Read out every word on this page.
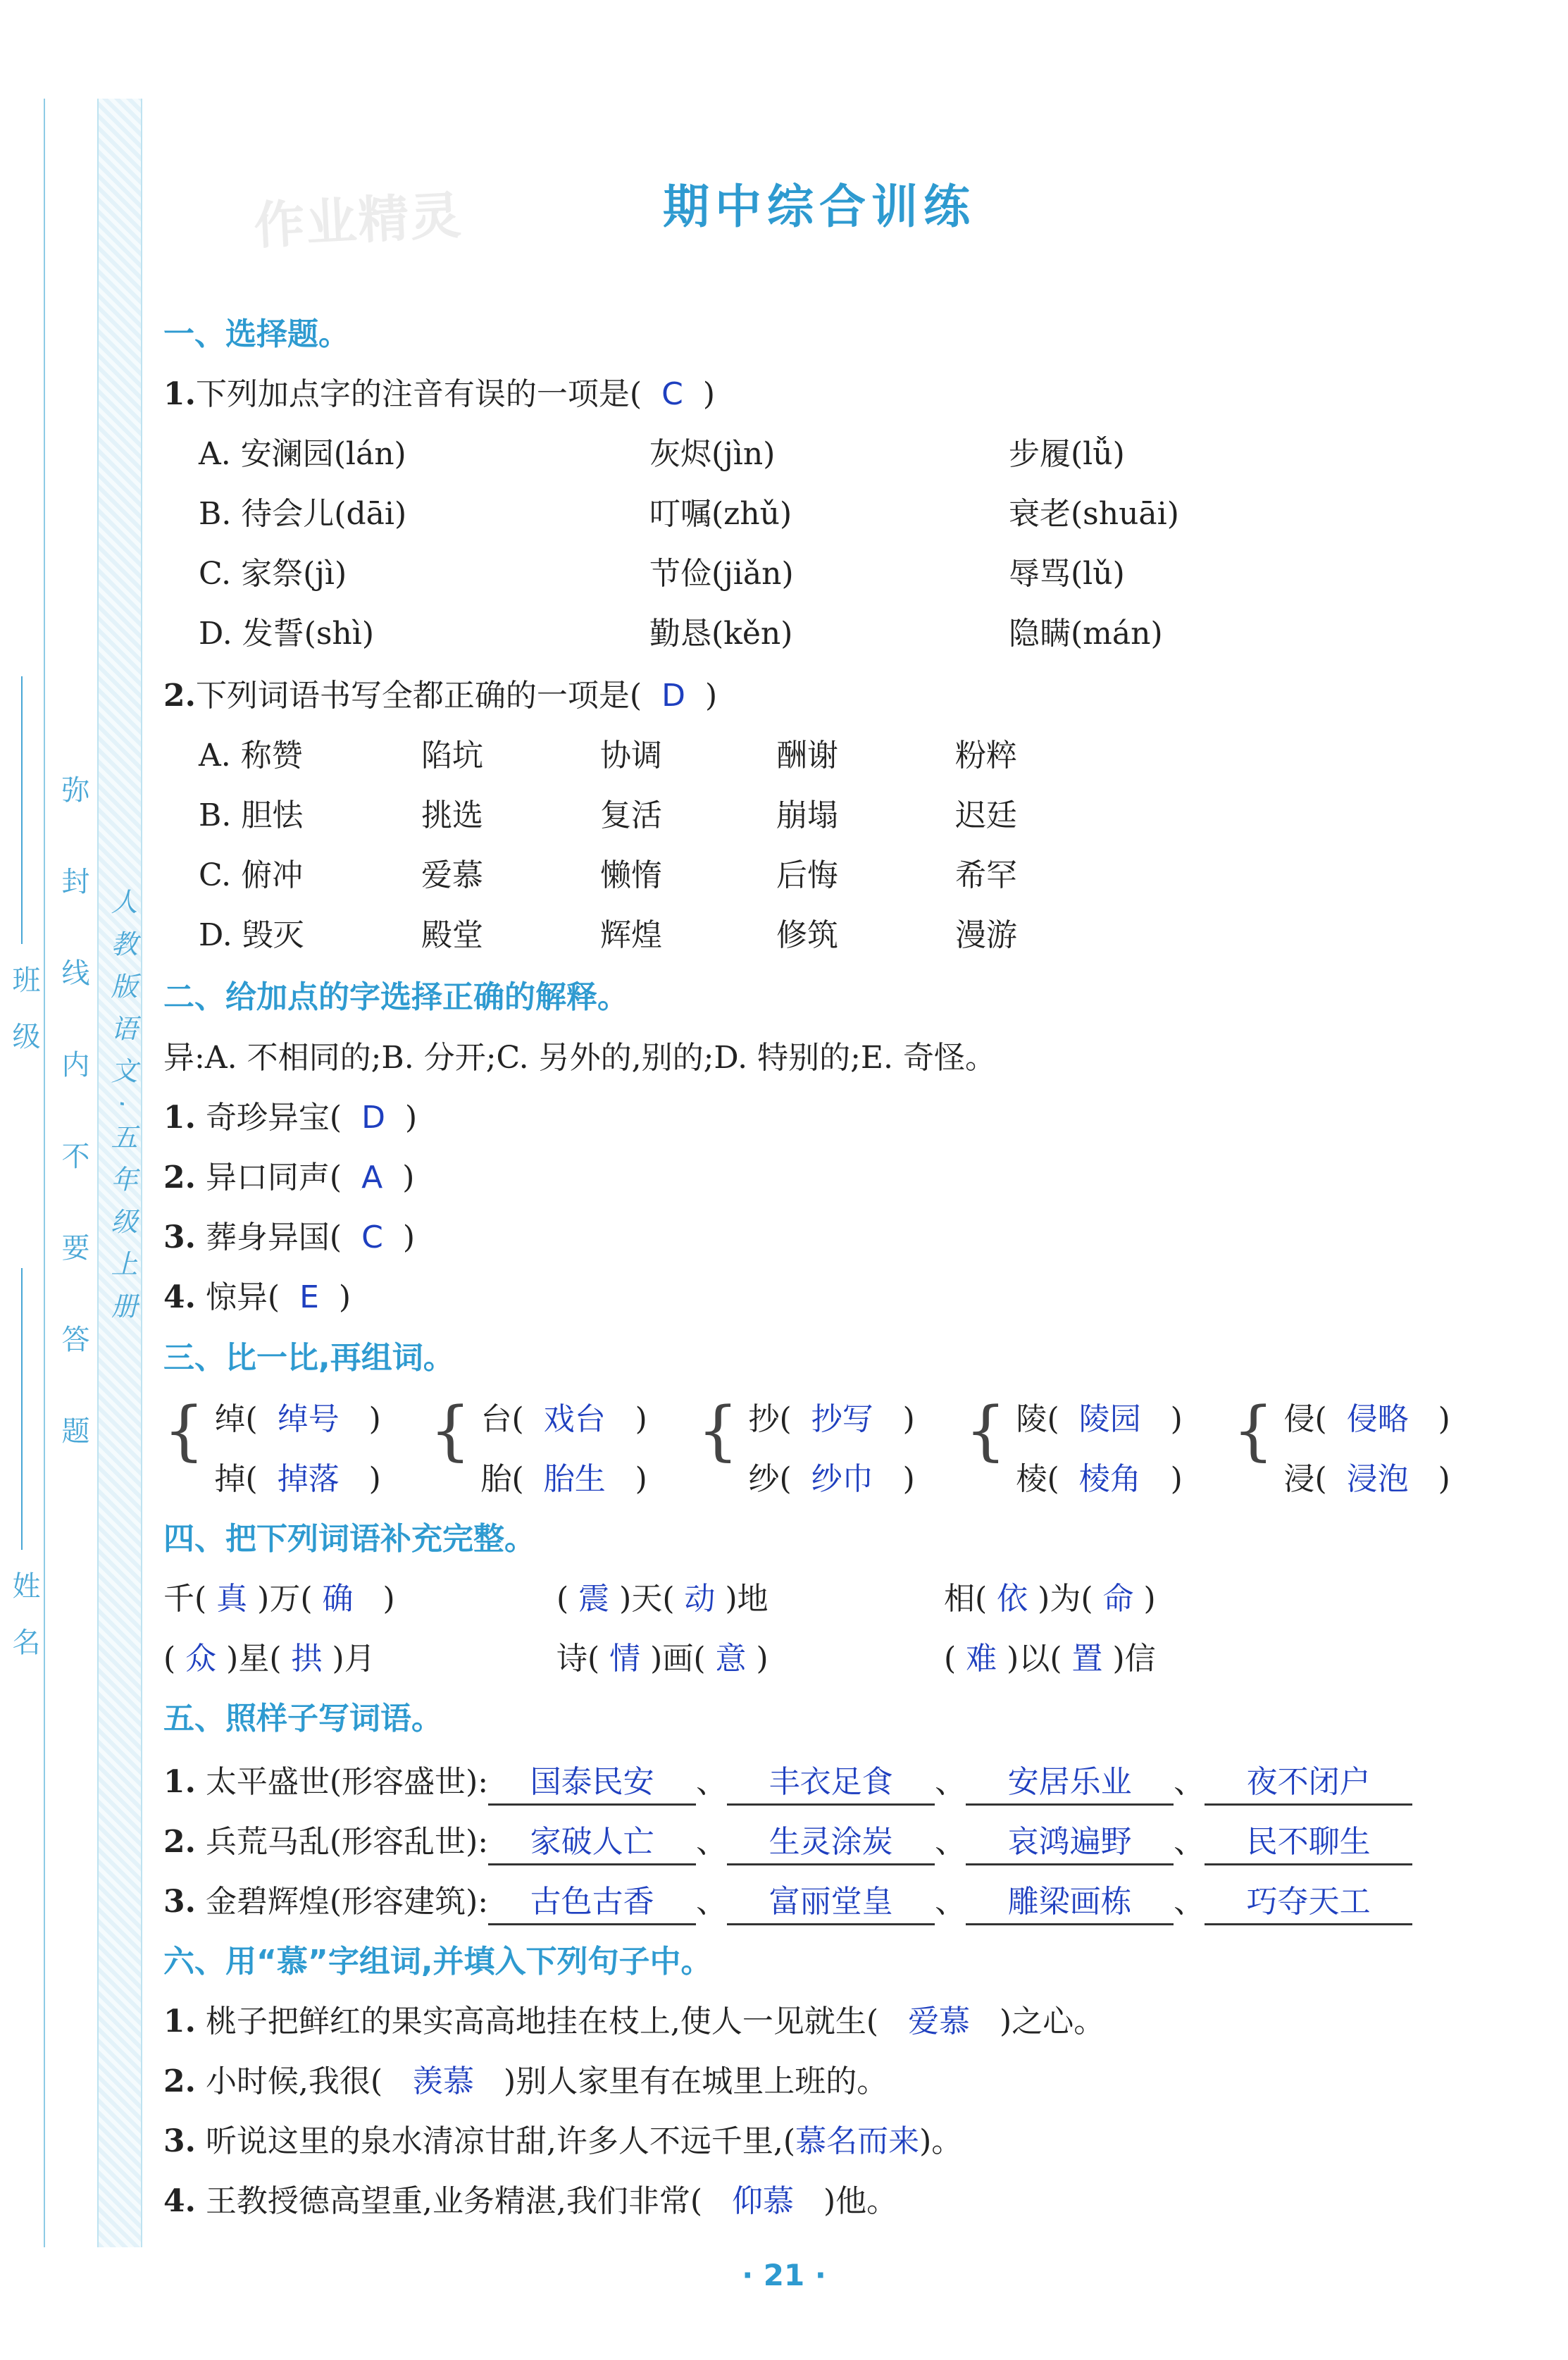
姓名
班级 弥封线内不要答题 人教版语文·五年级上册
作业精灵	期中综合训练
一、选择题。
1.下列加点字的注音有误的一项是( C )
A. 安澜园(lán)	灰烬(jìn)	步履(lǚ)
B. 待会儿(dāi)	叮嘱(zhǔ)	衰老(shuāi)
C. 家祭(jì)	节俭(jiǎn)	辱骂(lǔ)
D. 发誓(shì)	勤恳(kěn)	隐瞒(mán)
2.下列词语书写全都正确的一项是( D )
A. 称赞	陷坑	协调	酬谢	粉粹
B. 胆怯	挑选	复活	崩塌	迟廷
C. 俯冲	爱慕	懒惰	后悔	希罕
D. 毁灭	殿堂	辉煌	修筑	漫游
二、给加点的字选择正确的解释。
异:A. 不相同的;B. 分开;C. 另外的,别的;D. 特别的;E. 奇怪。
1. 奇珍异宝( D )
2. 异口同声( A )
3. 葬身异国( C )
4. 惊异( E )
三、比一比,再组词。
{ 绰( 绰号 )
掉( 掉落 )
{ 台( 戏台 )
胎( 胎生 )
{ 抄( 抄写 )
纱( 纱巾 )
{ 陵( 陵园 )
棱( 棱角 )
{ 侵( 侵略 )
浸( 浸泡 )
四、把下列词语补充完整。
千( 真 )万( 确 )	( 震 )天( 动 )地	相( 依 )为( 命 )
( 众 )星( 拱 )月	诗( 情 )画( 意 )	( 难 )以( 置 )信
五、照样子写词语。
1. 太平盛世(形容盛世): 国泰民安 、 丰衣足食 、 安居乐业 、 夜不闭户
2. 兵荒马乱(形容乱世): 家破人亡 、 生灵涂炭 、 哀鸿遍野 、 民不聊生
3. 金碧辉煌(形容建筑): 古色古香 、 富丽堂皇 、 雕梁画栋 、 巧夺天工
六、用“慕”字组词,并填入下列句子中。
1. 桃子把鲜红的果实高高地挂在枝上,使人一见就生( 爱慕 )之心。
2. 小时候,我很( 羡慕 )别人家里有在城里上班的。
3. 听说这里的泉水清凉甘甜,许多人不远千里,(慕名而来)。
4. 王教授德高望重,业务精湛,我们非常( 仰慕 )他。
· 21 ·
